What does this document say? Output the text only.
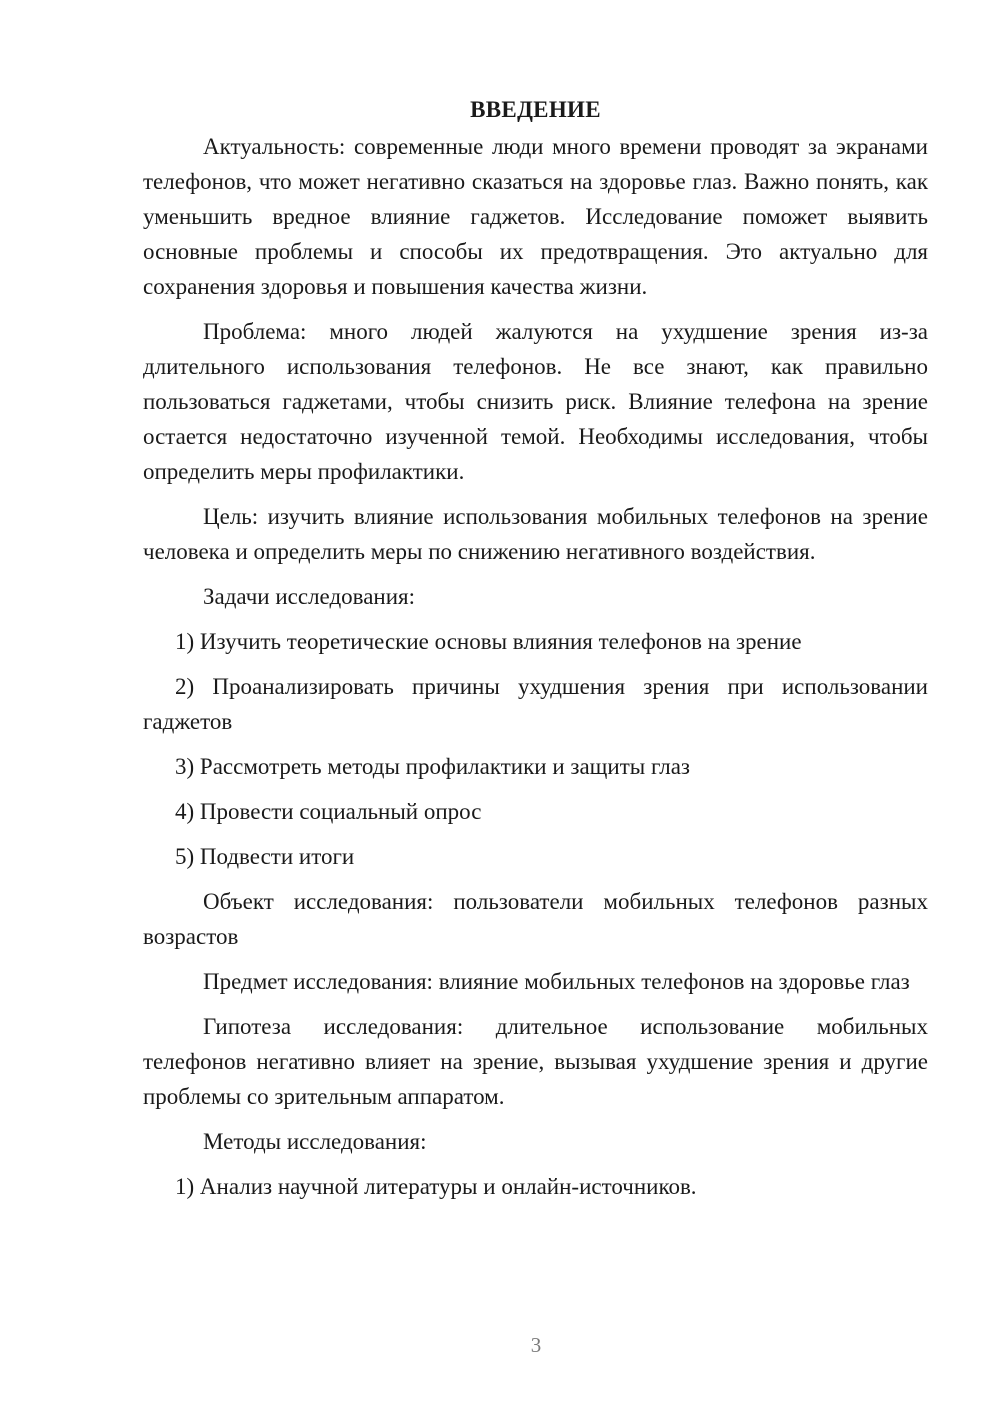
ВВЕДЕНИЕ

Актуальность: современные люди много времени проводят за экранами телефонов, что может негативно сказаться на здоровье глаз. Важно понять, как уменьшить вредное влияние гаджетов. Исследование поможет выявить основные проблемы и способы их предотвращения. Это актуально для сохранения здоровья и повышения качества жизни.

Проблема: много людей жалуются на ухудшение зрения из-за длительного использования телефонов. Не все знают, как правильно пользоваться гаджетами, чтобы снизить риск. Влияние телефона на зрение остается недостаточно изученной темой. Необходимы исследования, чтобы определить меры профилактики.

Цель: изучить влияние использования мобильных телефонов на зрение человека и определить меры по снижению негативного воздействия.

Задачи исследования:

1) Изучить теоретические основы влияния телефонов на зрение

2) Проанализировать причины ухудшения зрения при использовании гаджетов

3) Рассмотреть методы профилактики и защиты глаз

4) Провести социальный опрос

5) Подвести итоги

Объект исследования: пользователи мобильных телефонов разных возрастов

Предмет исследования: влияние мобильных телефонов на здоровье глаз

Гипотеза исследования: длительное использование мобильных телефонов негативно влияет на зрение, вызывая ухудшение зрения и другие проблемы со зрительным аппаратом.

Методы исследования:

1) Анализ научной литературы и онлайн-источников.

3
